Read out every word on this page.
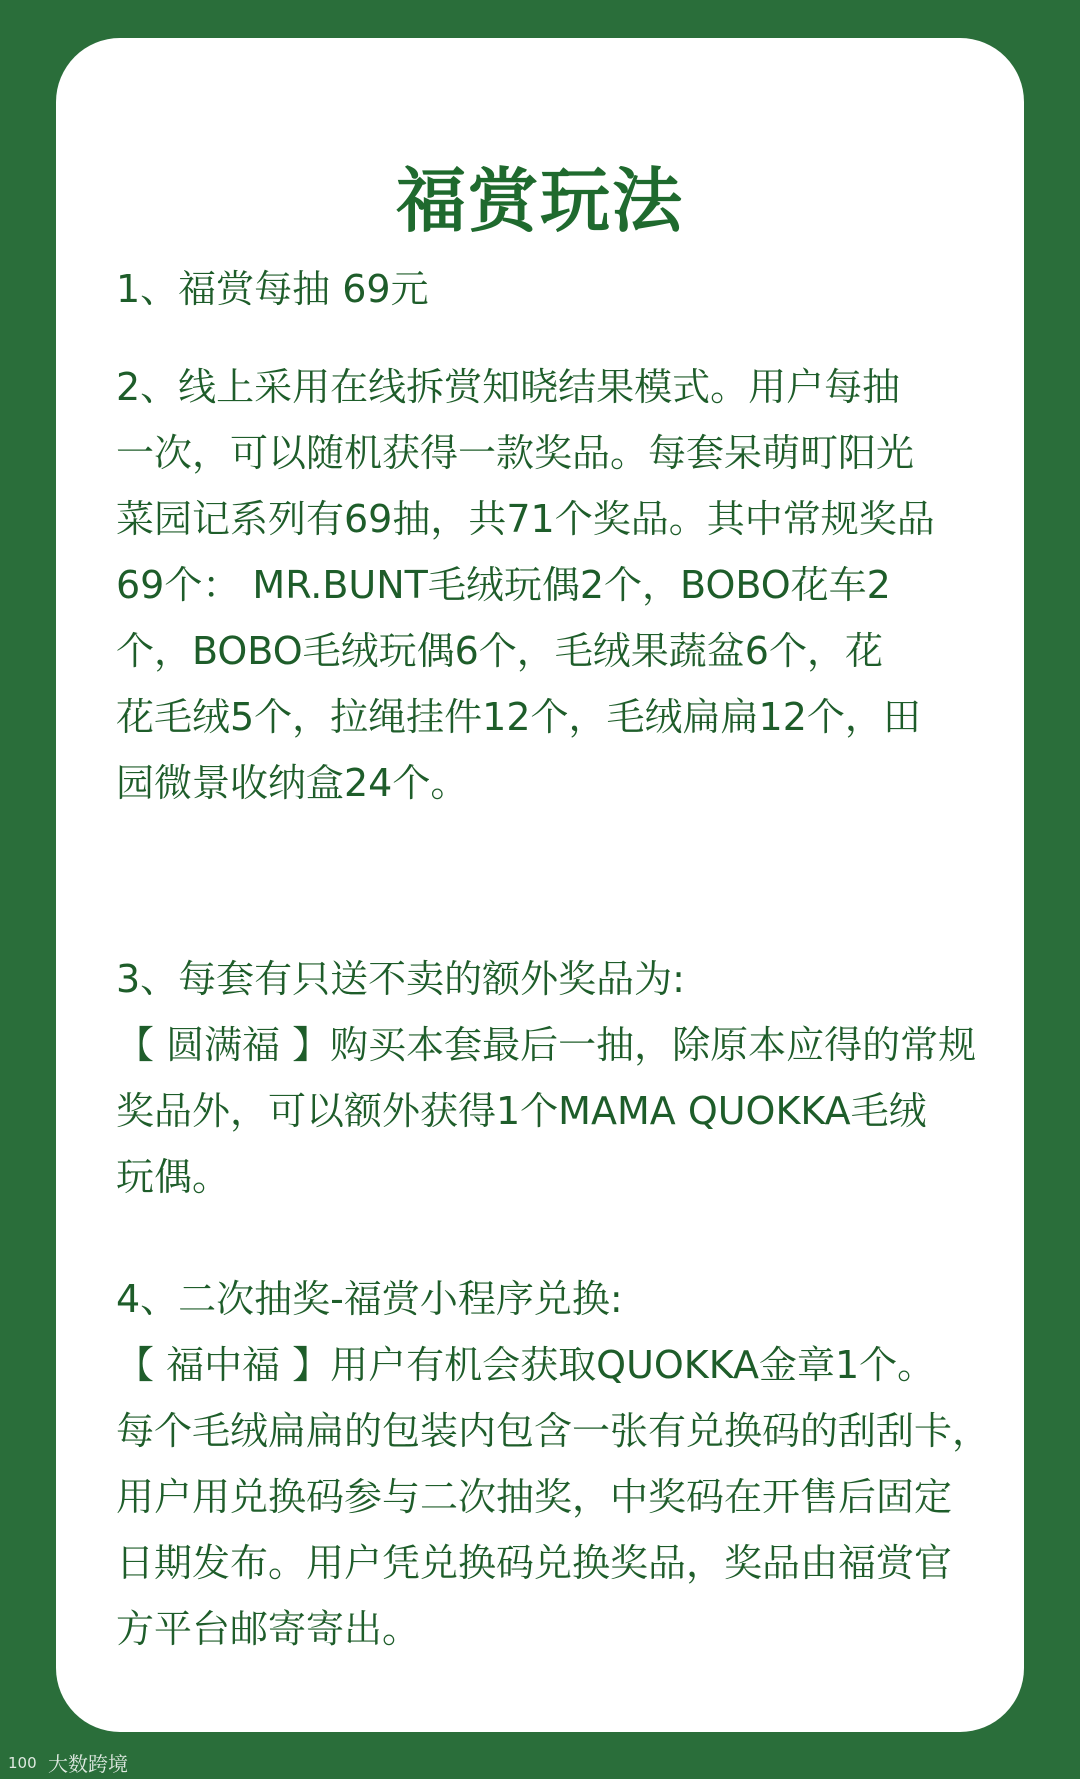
福赏玩法

1、福赏每抽 69元

2、线上采用在线拆赏知晓结果模式。用户每抽

一次，可以随机获得一款奖品。每套呆萌町阳光

菜园记系列有69抽，共71个奖品。其中常规奖品

69个： MR.BUNT毛绒玩偶2个，BOBO花车2

个，BOBO毛绒玩偶6个，毛绒果蔬盆6个，花

花毛绒5个，拉绳挂件12个，毛绒扁扁12个，田

园微景收纳盒24个。

3、每套有只送不卖的额外奖品为:

【 圆满福 】购买本套最后一抽，除原本应得的常规

奖品外，可以额外获得1个MAMA QUOKKA毛绒

玩偶。

4、二次抽奖-福赏小程序兑换:

【 福中福 】用户有机会获取QUOKKA金章1个。

每个毛绒扁扁的包装内包含一张有兑换码的刮刮卡，

用户用兑换码参与二次抽奖，中奖码在开售后固定

日期发布。用户凭兑换码兑换奖品，奖品由福赏官

方平台邮寄寄出。

100 大数跨境
